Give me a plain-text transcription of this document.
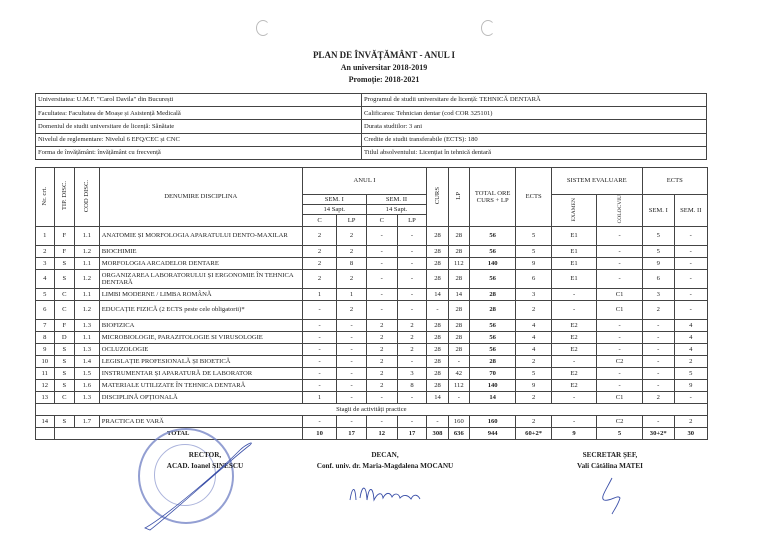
PLAN DE ÎNVĂȚĂMÂNT - ANUL I
An universitar 2018-2019
Promoție: 2018-2021
Universitatea: U.M.F. "Carol Davila" din București	Programul de studii universitare de licență: TEHNICĂ DENTARĂ
Facultatea: Facultatea de Moașe și Asistență Medicală	Calificarea: Tehnician dentar (cod COR 325101)
Domeniul de studii universitare de licență: Sănătate	Durata studiilor: 3 ani
Nivelul de reglementare: Nivelul 6 EFQ/CEC și CNC	Credite de studii transferabile (ECTS): 180
Forma de învățământ: învățământ cu frecvență	Titlul absolventului: Licențiat în tehnică dentară
Nr. crt.	TIP. DISC.	COD DISC.	DENUMIRE DISCIPLINA	ANUL I				CURS	LP	TOTAL ORE CURS + LP	ECTS	SISTEM EVALUARE		ECTS	
				SEM. I		SEM. II						EXAMEN	COLOCVIU	SEM. I	SEM. II
				14 Sapt.		14 Sapt.									
				C	LP	C	LP								
1	F	1.1	ANATOMIE ȘI MORFOLOGIA APARATULUI DENTO-MAXILAR	2	2	-	-	28	28	56	5	E1	-	5	-
2	F	1.2	BIOCHIMIE	2	2	-	-	28	28	56	5	E1	-	5	-
3	S	1.1	MORFOLOGIA ARCADELOR DENTARE	2	8	-	-	28	112	140	9	E1	-	9	-
4	S	1.2	ORGANIZAREA LABORATORULUI ȘI ERGONOMIE ÎN TEHNICA DENTARĂ	2	2	-	-	28	28	56	6	E1	-	6	-
5	C	1.1	LIMBI MODERNE / LIMBA ROMÂNĂ	1	1	-	-	14	14	28	3	-	C1	3	-
6	C	1.2	EDUCAȚIE FIZICĂ (2 ECTS peste cele obligatorii)*	-	2	-	-	-	28	28	2	-	C1	2	-
7	F	1.3	BIOFIZICA	-	-	2	2	28	28	56	4	E2	-	-	4
8	D	1.1	MICROBIOLOGIE, PARAZITOLOGIE SI VIRUSOLOGIE	-	-	2	2	28	28	56	4	E2	-	-	4
9	S	1.3	OCLUZOLOGIE	-	-	2	2	28	28	56	4	E2	-	-	4
10	S	1.4	LEGISLAȚIE PROFESIONALĂ ȘI BIOETICĂ	-	-	2	-	28	-	28	2	-	C2	-	2
11	S	1.5	INSTRUMENTAR ȘI APARATURĂ DE LABORATOR	-	-	2	3	28	42	70	5	E2	-	-	5
12	S	1.6	MATERIALE UTILIZATE ÎN TEHNICA DENTARĂ	-	-	2	8	28	112	140	9	E2	-	-	9
13	C	1.3	DISCIPLINĂ OPȚIONALĂ	1	-	-	-	14	-	14	2	-	C1	2	-
Stagii de activități practice															
14	S	1.7	PRACTICA DE VARĂ	-	-	-	-	-	160	160	2	-	C2	-	2
	TOTAL			10	17	12	17	308	636	944	60+2*	9	5	30+2*	30
RECTOR,
ACAD. Ioanel SINESCU
DECAN,
Conf. univ. dr. Maria-Magdalena MOCANU
SECRETAR ȘEF,
Vali Cătălina MATEI
